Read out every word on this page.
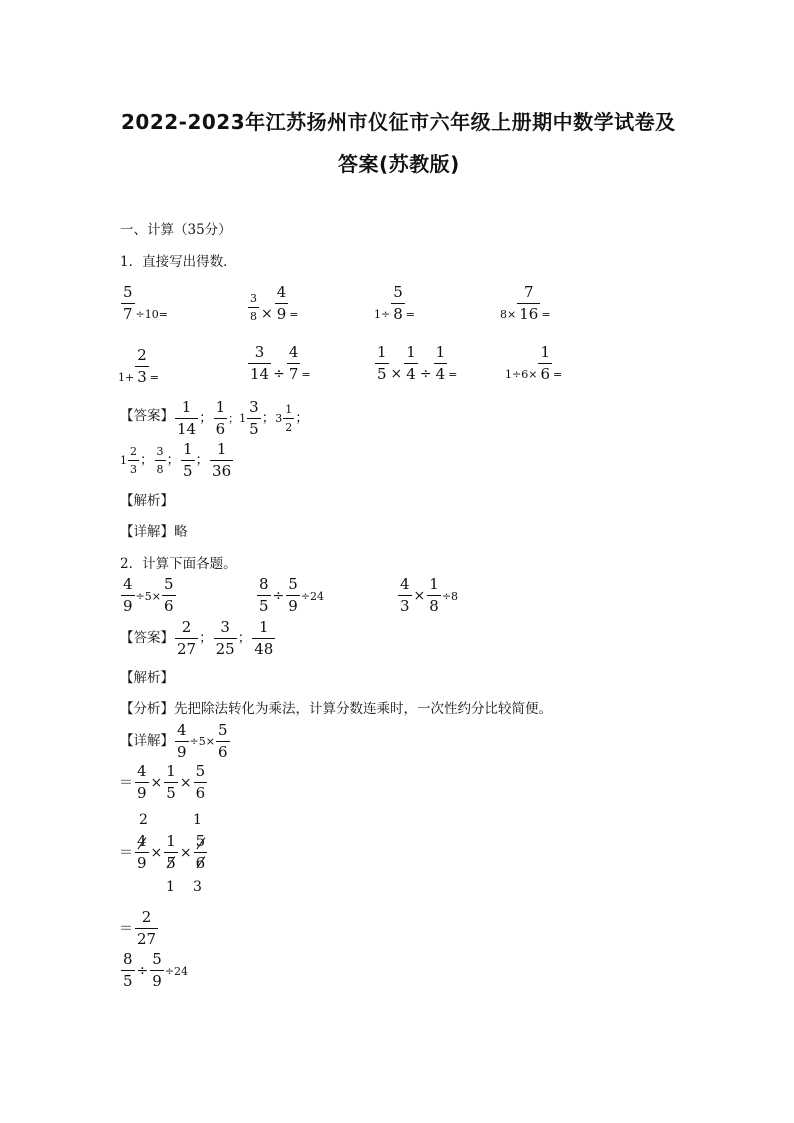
2022-2023年江苏扬州市仪征市六年级上册期中数学试卷及
答案(苏教版)
一、计算（35分）
1．直接写出得数．
$\frac{5}{7} _{\div 10=}$	$\frac{3}{8} \times \frac{4}{9} _=$	$_{1\div} \frac{5}{8} _=$	$_{8\times} \frac{7}{16} _=$
$_{1+} \frac{2}{3} _=$	$\frac{3}{14} \div \frac{4}{7} _=$	$\frac{1}{5} \times \frac{1}{4} \div \frac{1}{4} _=$	$_{1\div 6\times} \frac{1}{6} _=$
【答案】 $\frac{1}{14}$ ； $\frac{1}{6}$ ；$1 \frac{3}{5}$ ；$3 \frac{1}{2}$ ；
$1 \frac{2}{3}$ ； $\frac{3}{8}$ ； $\frac{1}{5}$ ； $\frac{1}{36}$
【解析】
【详解】略
2．计算下面各题。
$\frac{4}{9} \div 5\times \frac{5}{6}$	$\frac{8}{5} \div \frac{5}{9} \div 24$	$\frac{4}{3} \times \frac{1}{8} \div 8$
【答案】 $\frac{2}{27}$ ； $\frac{3}{25}$ ； $\frac{1}{48}$
【解析】
【分析】先把除法转化为乘法，计算分数连乘时，一次性约分比较简便。
【详解】 $\frac{4}{9} \div 5\times \frac{5}{6}$
＝ $\frac{4}{9} \times \frac{1}{5} \times \frac{5}{6}$
2	1
＝ $\frac{4}{9} \times \frac{1}{5} \times \frac{5}{6}$
1 3
＝ $\frac{2}{27}$
$\frac{8}{5} \div \frac{5}{9} \div 24$
